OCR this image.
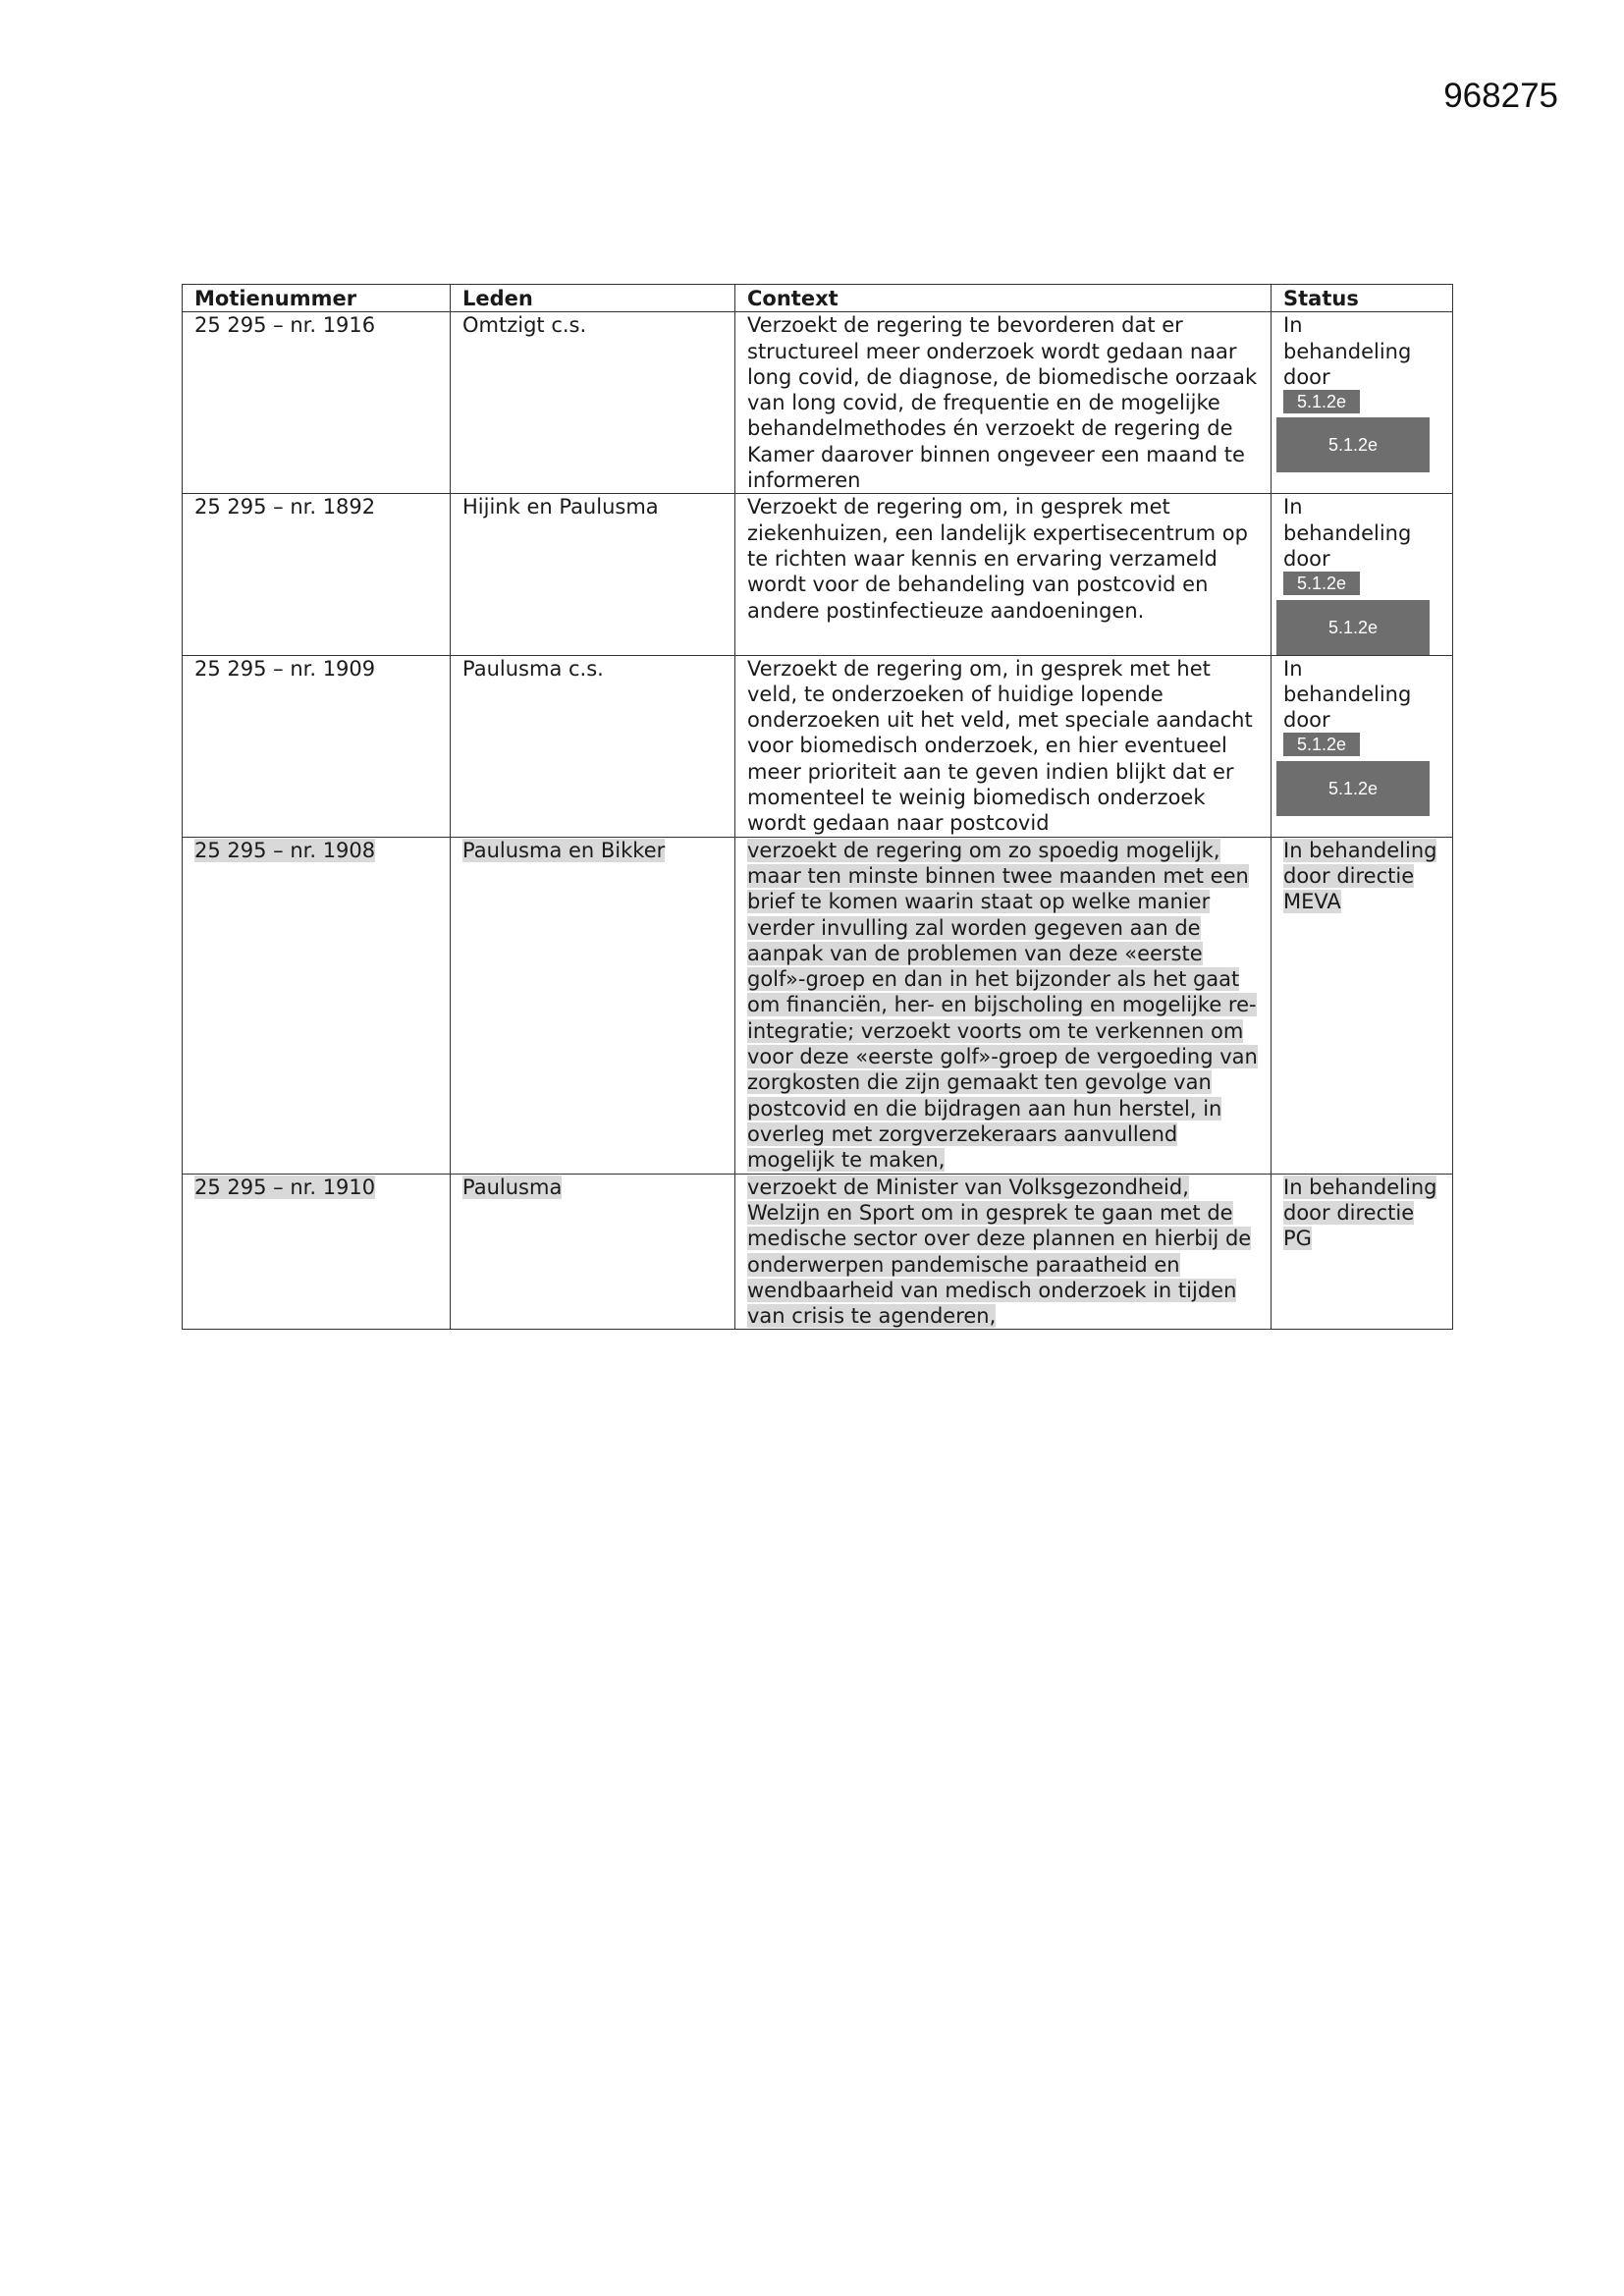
968275
Motienummer	Leden	Context	Status
25 295 – nr. 1916	Omtzigt c.s.	Verzoekt de regering te bevorderen dat er structureel meer onderzoek wordt gedaan naar long covid, de diagnose, de biomedische oorzaak van long covid, de frequentie en de mogelijke behandelmethodes én verzoekt de regering de Kamer daarover binnen ongeveer een maand te informeren	In behandeling door 5.1.2e
5.1.2e

25 295 – nr. 1892	Hijink en Paulusma	Verzoekt de regering om, in gesprek met ziekenhuizen, een landelijk expertisecentrum op te richten waar kennis en ervaring verzameld wordt voor de behandeling van postcovid en andere postinfectieuze aandoeningen.	In behandeling door 5.1.2e
5.1.2e

25 295 – nr. 1909	Paulusma c.s.	Verzoekt de regering om, in gesprek met het veld, te onderzoeken of huidige lopende onderzoeken uit het veld, met speciale aandacht voor biomedisch onderzoek, en hier eventueel meer prioriteit aan te geven indien blijkt dat er momenteel te weinig biomedisch onderzoek wordt gedaan naar postcovid	In behandeling door 5.1.2e
5.1.2e

25 295 – nr. 1908	Paulusma en Bikker	verzoekt de regering om zo spoedig mogelijk, maar ten minste binnen twee maanden met een brief te komen waarin staat op welke manier verder invulling zal worden gegeven aan de aanpak van de problemen van deze «eerste golf»-groep en dan in het bijzonder als het gaat om financiën, her- en bijscholing en mogelijke re-integratie; verzoekt voorts om te verkennen om voor deze «eerste golf»-groep de vergoeding van zorgkosten die zijn gemaakt ten gevolge van postcovid en die bijdragen aan hun herstel, in overleg met zorgverzekeraars aanvullend mogelijk te maken,	In behandeling door directie MEVA
25 295 – nr. 1910	Paulusma	verzoekt de Minister van Volksgezondheid, Welzijn en Sport om in gesprek te gaan met de medische sector over deze plannen en hierbij de onderwerpen pandemische paraatheid en wendbaarheid van medisch onderzoek in tijden van crisis te agenderen,	In behandeling door directie PG
